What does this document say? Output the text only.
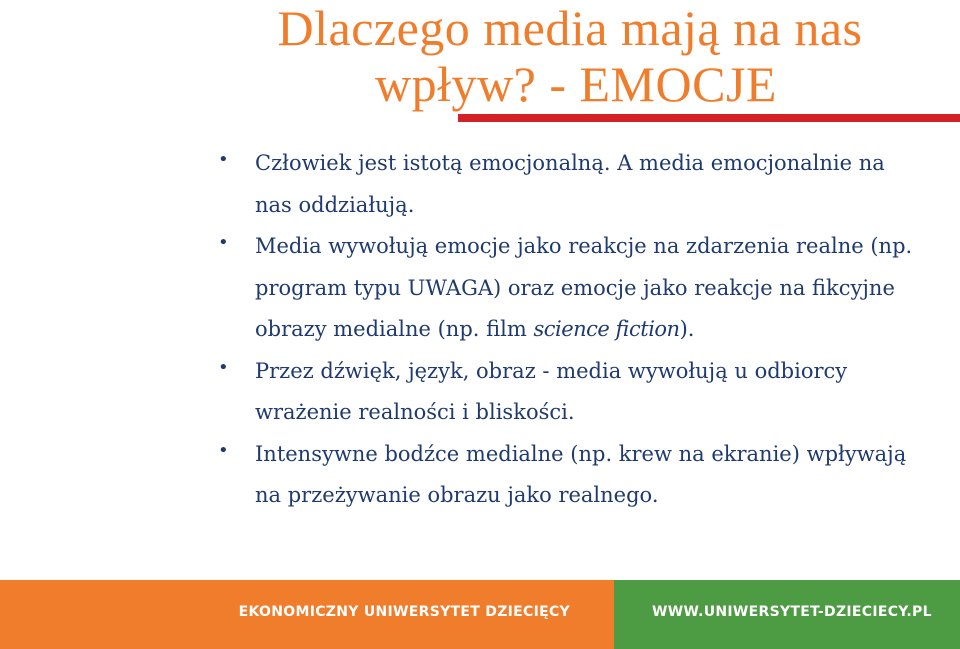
Dlaczego media mają na nas
wpływ? - EMOCJE
• Człowiek jest istotą emocjonalną. A media emocjonalnie na nas oddziałują.
• Media wywołują emocje jako reakcje na zdarzenia realne (np. program typu UWAGA) oraz emocje jako reakcje na fikcyjne obrazy medialne (np. film science fiction).
• Przez dźwięk, język, obraz - media wywołują u odbiorcy wrażenie realności i bliskości.
• Intensywne bodźce medialne (np. krew na ekranie) wpływają na przeżywanie obrazu jako realnego.
EKONOMICZNY UNIWERSYTET DZIECIĘCY	WWW.UNIWERSYTET-DZIECIECY.PL
